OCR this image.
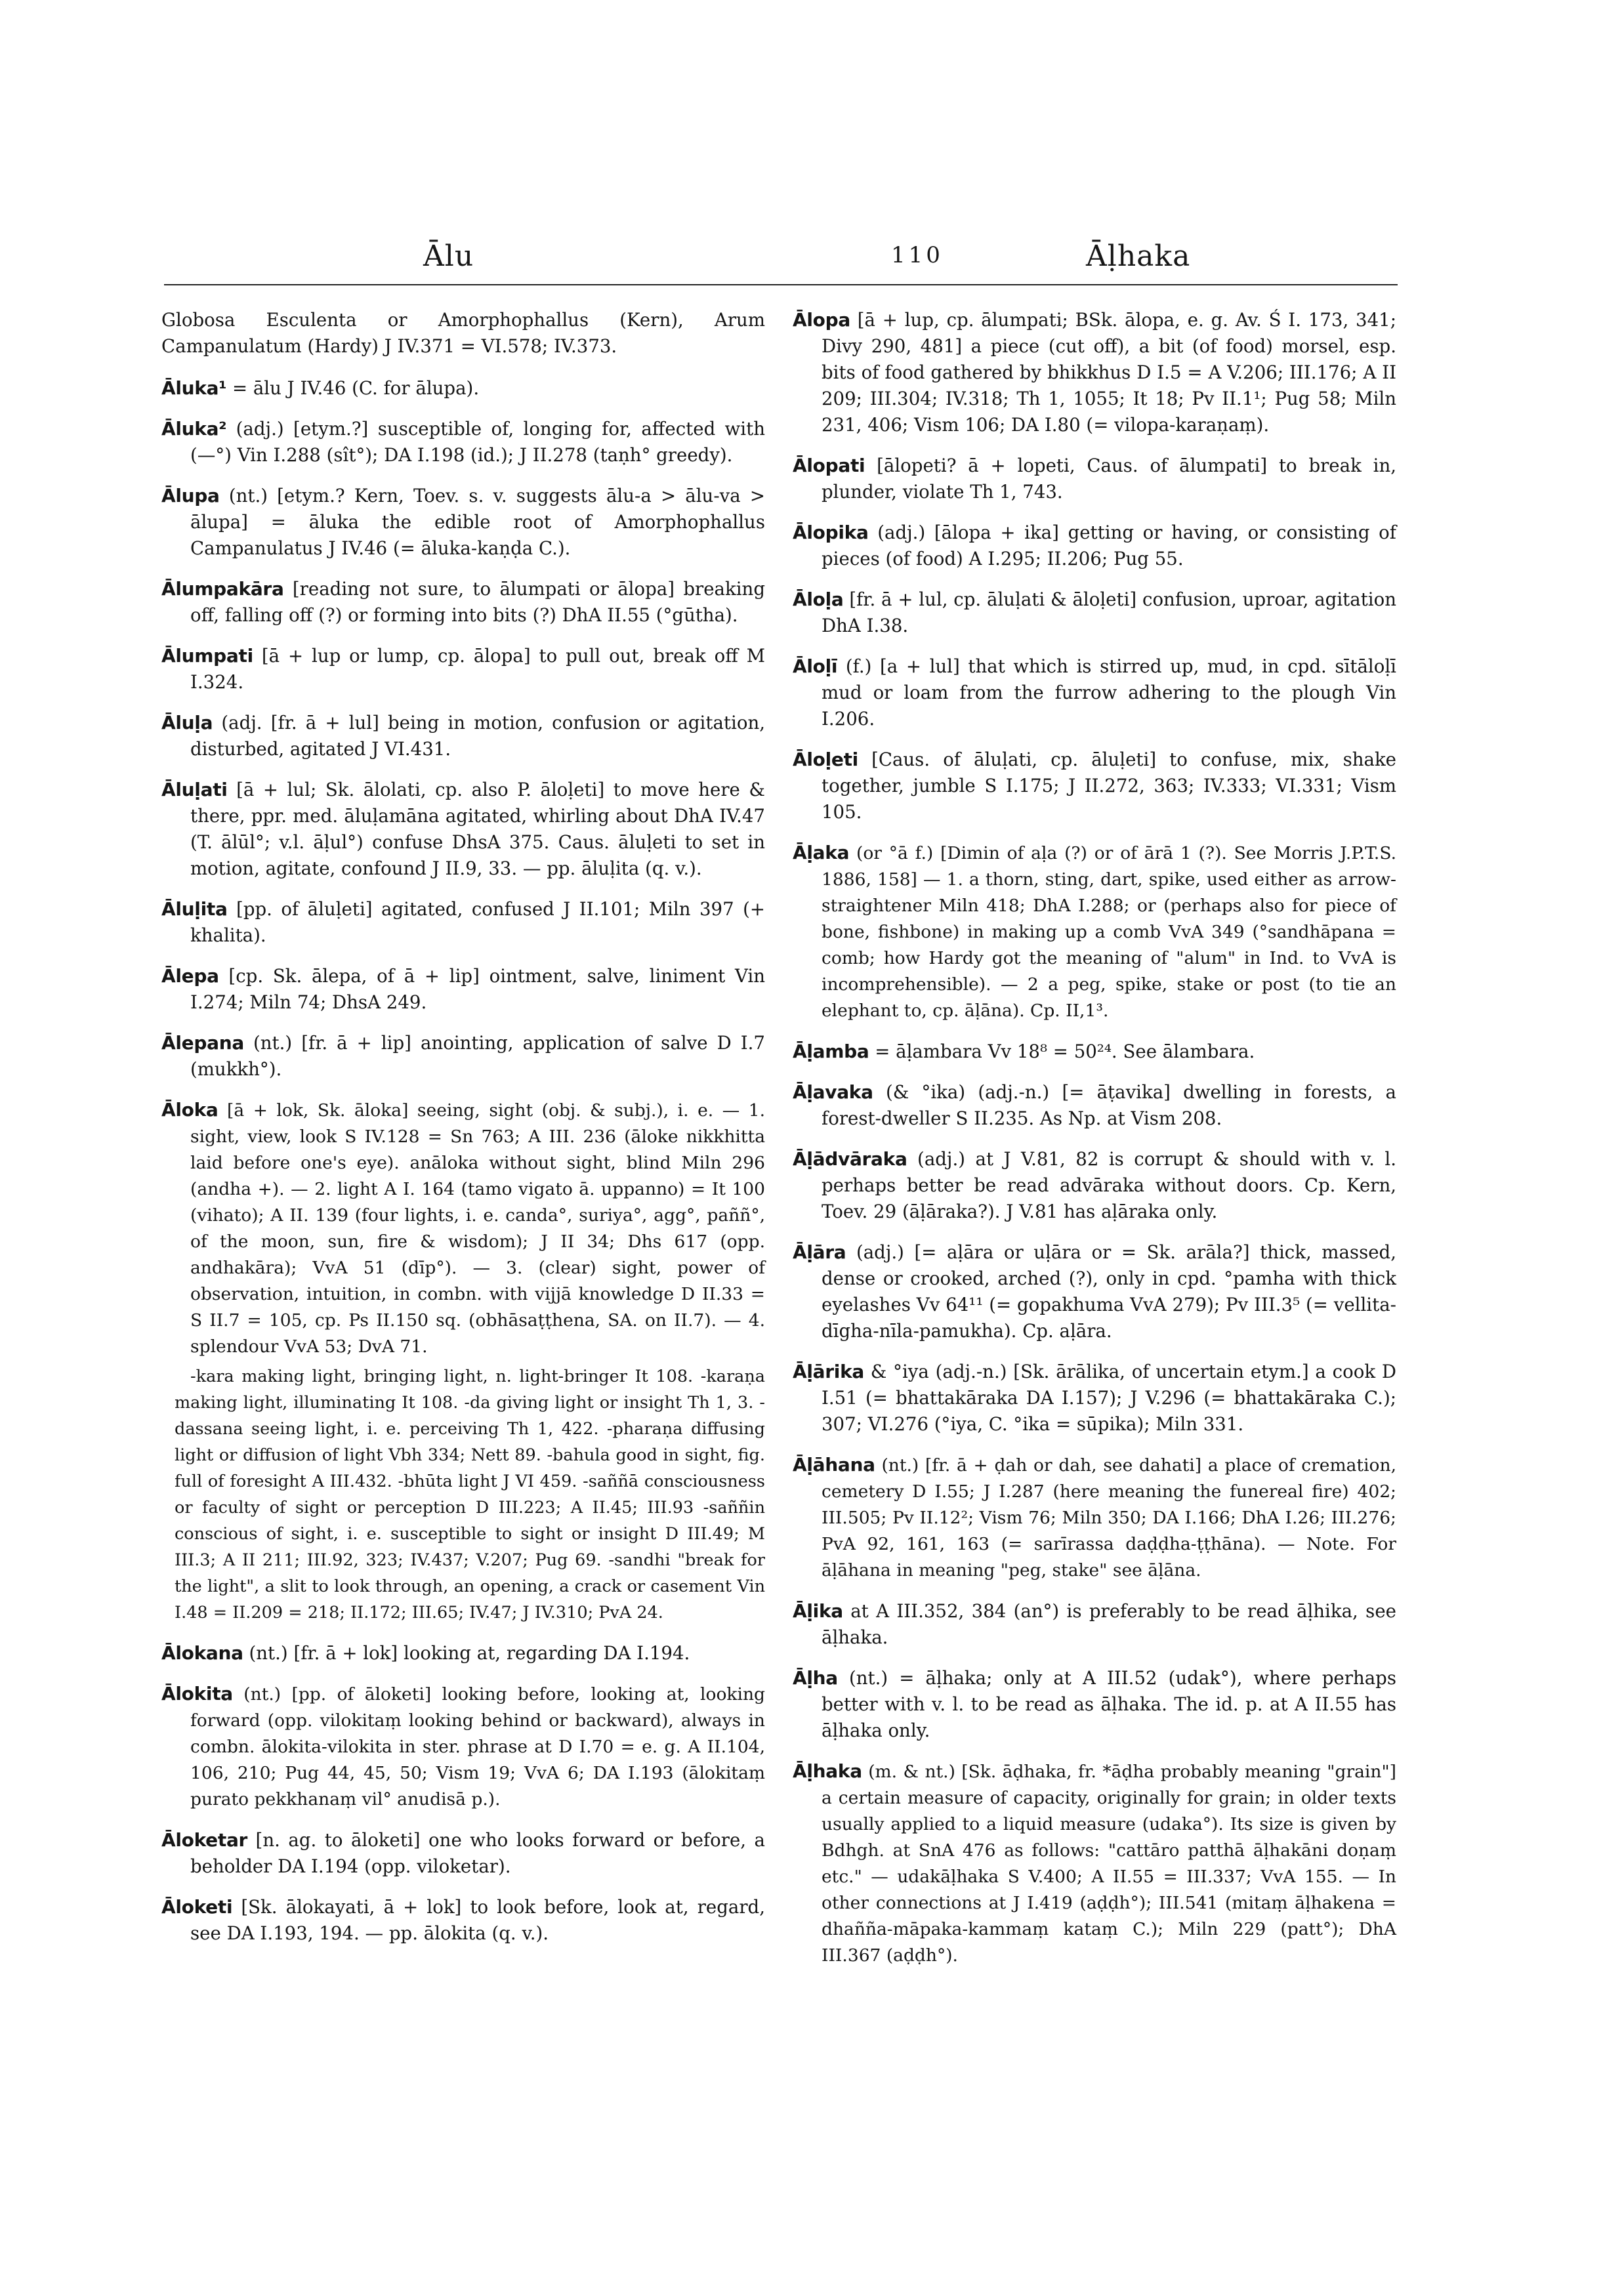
Ālu	110	Āḷhaka

Globosa Esculenta or Amorphophallus (Kern), Arum Campanulatum (Hardy) J IV.371 = VI.578; IV.373.

Āluka¹ = ālu J IV.46 (C. for ālupa).

Āluka² (adj.) [etym.?] susceptible of, longing for, affected with (—°) Vin I.288 (sît°); DA I.198 (id.); J II.278 (taṇh° greedy).

Ālupa (nt.) [etym.? Kern, Toev. s. v. suggests ālu-a > ālu-va > ālupa] = āluka the edible root of Amorphophallus Campanulatus J IV.46 (= āluka-kaṇḍa C.).

Ālumpakāra [reading not sure, to ālumpati or ālopa] breaking off, falling off (?) or forming into bits (?) DhA II.55 (°gūtha).

Ālumpati [ā + lup or lump, cp. ālopa] to pull out, break off M I.324.

Āluḷa (adj. [fr. ā + lul] being in motion, confusion or agitation, disturbed, agitated J VI.431.

Āluḷati [ā + lul; Sk. ālolati, cp. also P. āloḷeti] to move here & there, ppr. med. āluḷamāna agitated, whirling about DhA IV.47 (T. ālūl°; v.l. āḷul°) confuse DhsA 375. Caus. āluḷeti to set in motion, agitate, confound J II.9, 33. — pp. āluḷita (q. v.).

Āluḷita [pp. of āluḷeti] agitated, confused J II.101; Miln 397 (+ khalita).

Ālepa [cp. Sk. ālepa, of ā + lip] ointment, salve, liniment Vin I.274; Miln 74; DhsA 249.

Ālepana (nt.) [fr. ā + lip] anointing, application of salve D I.7 (mukkh°).

Āloka [ā + lok, Sk. āloka] seeing, sight (obj. & subj.), i. e. — 1. sight, view, look S IV.128 = Sn 763; A III. 236 (āloke nikkhitta laid before one's eye). anāloka without sight, blind Miln 296 (andha +). — 2. light A I. 164 (tamo vigato ā. uppanno) = It 100 (vihato); A II. 139 (four lights, i. e. canda°, suriya°, agg°, paññ°, of the moon, sun, fire & wisdom); J II 34; Dhs 617 (opp. andhakāra); VvA 51 (dīp°). — 3. (clear) sight, power of observation, intuition, in combn. with vijjā knowledge D II.33 = S II.7 = 105, cp. Ps II.150 sq. (obhāsaṭṭhena, SA. on II.7). — 4. splendour VvA 53; DvA 71.

-kara making light, bringing light, n. light-bringer It 108. -karaṇa making light, illuminating It 108. -da giving light or insight Th 1, 3. -dassana seeing light, i. e. perceiving Th 1, 422. -pharaṇa diffusing light or diffusion of light Vbh 334; Nett 89. -bahula good in sight, fig. full of foresight A III.432. -bhūta light J VI 459. -saññā consciousness or faculty of sight or perception D III.223; A II.45; III.93 -saññin conscious of sight, i. e. susceptible to sight or insight D III.49; M III.3; A II 211; III.92, 323; IV.437; V.207; Pug 69. -sandhi "break for the light", a slit to look through, an opening, a crack or casement Vin I.48 = II.209 = 218; II.172; III.65; IV.47; J IV.310; PvA 24.

Ālokana (nt.) [fr. ā + lok] looking at, regarding DA I.194.

Ālokita (nt.) [pp. of āloketi] looking before, looking at, looking forward (opp. vilokitaṃ looking behind or backward), always in combn. ālokita-vilokita in ster. phrase at D I.70 = e. g. A II.104, 106, 210; Pug 44, 45, 50; Vism 19; VvA 6; DA I.193 (ālokitaṃ purato pekkhanaṃ vil° anudisā p.).

Āloketar [n. ag. to āloketi] one who looks forward or before, a beholder DA I.194 (opp. viloketar).

Āloketi [Sk. ālokayati, ā + lok] to look before, look at, regard, see DA I.193, 194. — pp. ālokita (q. v.).

Ālopa [ā + lup, cp. ālumpati; BSk. ālopa, e. g. Av. Ś I. 173, 341; Divy 290, 481] a piece (cut off), a bit (of food) morsel, esp. bits of food gathered by bhikkhus D I.5 = A V.206; III.176; A II 209; III.304; IV.318; Th 1, 1055; It 18; Pv II.1¹; Pug 58; Miln 231, 406; Vism 106; DA I.80 (= vilopa-karaṇaṃ).

Ālopati [ālopeti? ā + lopeti, Caus. of ālumpati] to break in, plunder, violate Th 1, 743.

Ālopika (adj.) [ālopa + ika] getting or having, or consisting of pieces (of food) A I.295; II.206; Pug 55.

Āloḷa [fr. ā + lul, cp. āluḷati & āloḷeti] confusion, uproar, agitation DhA I.38.

Āloḷī (f.) [a + lul] that which is stirred up, mud, in cpd. sītāloḷī mud or loam from the furrow adhering to the plough Vin I.206.

Āloḷeti [Caus. of āluḷati, cp. āluḷeti] to confuse, mix, shake together, jumble S I.175; J II.272, 363; IV.333; VI.331; Vism 105.

Āḷaka (or °ā f.) [Dimin of aḷa (?) or of ārā 1 (?). See Morris J.P.T.S. 1886, 158] — 1. a thorn, sting, dart, spike, used either as arrow-straightener Miln 418; DhA I.288; or (perhaps also for piece of bone, fishbone) in making up a comb VvA 349 (°sandhāpana = comb; how Hardy got the meaning of "alum" in Ind. to VvA is incomprehensible). — 2 a peg, spike, stake or post (to tie an elephant to, cp. āḷāna). Cp. II,1³.

Āḷamba = āḷambara Vv 18⁸ = 50²⁴. See ālambara.

Āḷavaka (& °ika) (adj.-n.) [= āṭavika] dwelling in forests, a forest-dweller S II.235. As Np. at Vism 208.

Āḷādvāraka (adj.) at J V.81, 82 is corrupt & should with v. l. perhaps better be read advāraka without doors. Cp. Kern, Toev. 29 (āḷāraka?). J V.81 has aḷāraka only.

Āḷāra (adj.) [= aḷāra or uḷāra or = Sk. arāla?] thick, massed, dense or crooked, arched (?), only in cpd. °pamha with thick eyelashes Vv 64¹¹ (= gopakhuma VvA 279); Pv III.3⁵ (= vellita-dīgha-nīla-pamukha). Cp. aḷāra.

Āḷārika & °iya (adj.-n.) [Sk. ārālika, of uncertain etym.] a cook D I.51 (= bhattakāraka DA I.157); J V.296 (= bhattakāraka C.); 307; VI.276 (°iya, C. °ika = sūpika); Miln 331.

Āḷāhana (nt.) [fr. ā + ḍah or dah, see dahati] a place of cremation, cemetery D I.55; J I.287 (here meaning the funereal fire) 402; III.505; Pv II.12²; Vism 76; Miln 350; DA I.166; DhA I.26; III.276; PvA 92, 161, 163 (= sarīrassa daḍḍha-ṭṭhāna). — Note. For āḷāhana in meaning "peg, stake" see āḷāna.

Āḷika at A III.352, 384 (an°) is preferably to be read āḷhika, see āḷhaka.

Āḷha (nt.) = āḷhaka; only at A III.52 (udak°), where perhaps better with v. l. to be read as āḷhaka. The id. p. at A II.55 has āḷhaka only.

Āḷhaka (m. & nt.) [Sk. āḍhaka, fr. *āḍha probably meaning "grain"] a certain measure of capacity, originally for grain; in older texts usually applied to a liquid measure (udaka°). Its size is given by Bdhgh. at SnA 476 as follows: "cattāro patthā āḷhakāni doṇaṃ etc." — udakāḷhaka S V.400; A II.55 = III.337; VvA 155. — In other connections at J I.419 (aḍḍh°); III.541 (mitaṃ āḷhakena = dhañña-māpaka-kammaṃ kataṃ C.); Miln 229 (patt°); DhA III.367 (aḍḍh°).
